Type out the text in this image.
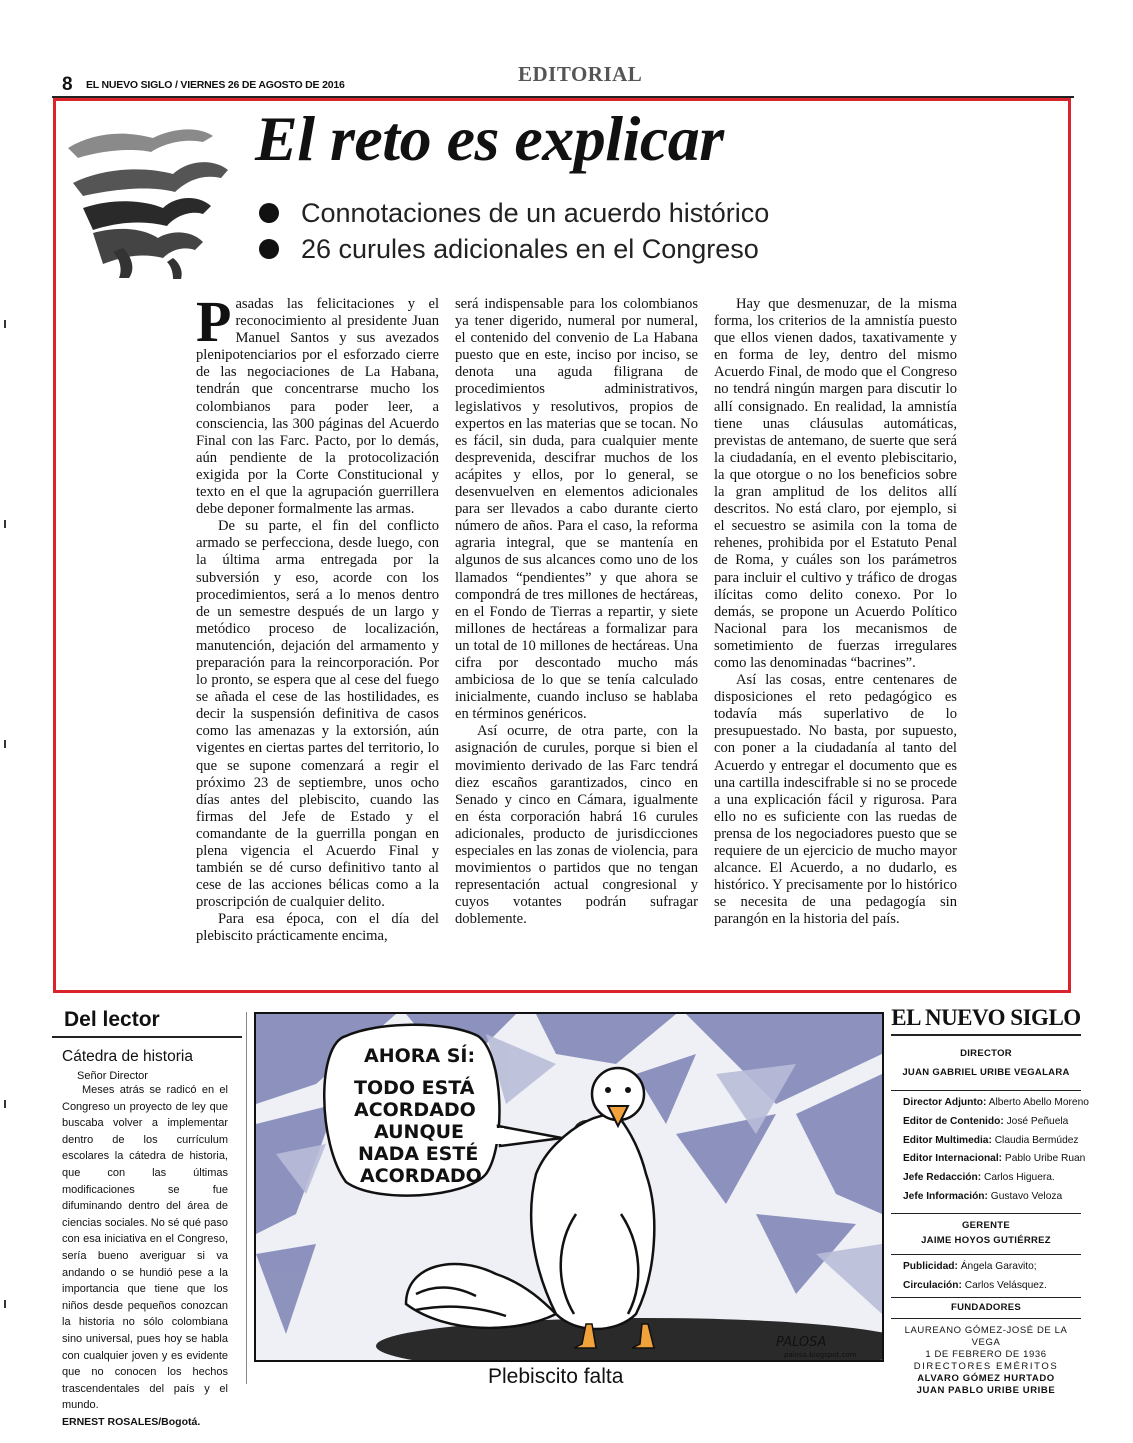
8 EL NUEVO SIGLO / VIERNES 26 DE AGOSTO DE 2016	EDITORIAL
El reto es explicar
Connotaciones de un acuerdo histórico
26 curules adicionales en el Congreso

Pasadas las felicitaciones y el reconocimiento al presidente Juan Manuel Santos y sus avezados plenipotenciarios por el esforzado cierre de las negociaciones de La Habana, tendrán que concentrarse mucho los colombianos para poder leer, a consciencia, las 300 páginas del Acuerdo Final con las Farc. Pacto, por lo demás, aún pendiente de la protocolización exigida por la Corte Constitucional y texto en el que la agrupación guerrillera debe deponer formalmente las armas.

De su parte, el fin del conflicto armado se perfecciona, desde luego, con la última arma entregada por la subversión y eso, acorde con los procedimientos, será a lo menos dentro de un semestre después de un largo y metódico proceso de localización, manutención, dejación del armamento y preparación para la reincorporación. Por lo pronto, se espera que al cese del fuego se añada el cese de las hostilidades, es decir la suspensión definitiva de casos como las amenazas y la extorsión, aún vigentes en ciertas partes del territorio, lo que se supone comenzará a regir el próximo 23 de septiembre, unos ocho días antes del plebiscito, cuando las firmas del Jefe de Estado y el comandante de la guerrilla pongan en plena vigencia el Acuerdo Final y también se dé curso definitivo tanto al cese de las acciones bélicas como a la proscripción de cualquier delito.

Para esa época, con el día del plebiscito prácticamente encima,

será indispensable para los colombianos ya tener digerido, numeral por numeral, el contenido del convenio de La Habana puesto que en este, inciso por inciso, se denota una aguda filigrana de procedimientos administrativos, legislativos y resolutivos, propios de expertos en las materias que se tocan. No es fácil, sin duda, para cualquier mente desprevenida, descifrar muchos de los acápites y ellos, por lo general, se desenvuelven en elementos adicionales para ser llevados a cabo durante cierto número de años. Para el caso, la reforma agraria integral, que se mantenía en algunos de sus alcances como uno de los llamados “pendientes” y que ahora se compondrá de tres millones de hectáreas, en el Fondo de Tierras a repartir, y siete millones de hectáreas a formalizar para un total de 10 millones de hectáreas. Una cifra por descontado mucho más ambiciosa de lo que se tenía calculado inicialmente, cuando incluso se hablaba en términos genéricos.

Así ocurre, de otra parte, con la asignación de curules, porque si bien el movimiento derivado de las Farc tendrá diez escaños garantizados, cinco en Senado y cinco en Cámara, igualmente en ésta corporación habrá 16 curules adicionales, producto de jurisdicciones especiales en las zonas de violencia, para movimientos o partidos que no tengan representación actual congresional y cuyos votantes podrán sufragar doblemente.

Hay que desmenuzar, de la misma forma, los criterios de la amnistía puesto que ellos vienen dados, taxativamente y en forma de ley, dentro del mismo Acuerdo Final, de modo que el Congreso no tendrá ningún margen para discutir lo allí consignado. En realidad, la amnistía tiene unas cláusulas automáticas, previstas de antemano, de suerte que será la ciudadanía, en el evento plebiscitario, la que otorgue o no los beneficios sobre la gran amplitud de los delitos allí descritos. No está claro, por ejemplo, si el secuestro se asimila con la toma de rehenes, prohibida por el Estatuto Penal de Roma, y cuáles son los parámetros para incluir el cultivo y tráfico de drogas ilícitas como delito conexo. Por lo demás, se propone un Acuerdo Político Nacional para los mecanismos de sometimiento de fuerzas irregulares como las denominadas “bacrines”.

Así las cosas, entre centenares de disposiciones el reto pedagógico es todavía más superlativo de lo presupuestado. No basta, por supuesto, con poner a la ciudadanía al tanto del Acuerdo y entregar el documento que es una cartilla indescifrable si no se procede a una explicación fácil y rigurosa. Para ello no es suficiente con las ruedas de prensa de los negociadores puesto que se requiere de un ejercicio de mucho mayor alcance. El Acuerdo, a no dudarlo, es histórico. Y precisamente por lo histórico se necesita de una pedagogía sin parangón en la historia del país.

Del lector
Cátedra de historia
Señor Director
Meses atrás se radicó en el Congreso un proyecto de ley que buscaba volver a implementar dentro de los currículum escolares la cátedra de historia, que con las últimas modificaciones se fue difuminando dentro del área de ciencias sociales. No sé qué paso con esa iniciativa en el Congreso, sería bueno averiguar si va andando o se hundió pese a la importancia que tiene que los niños desde pequeños conozcan la historia no sólo colombiana sino universal, pues hoy se habla con cualquier joven y es evidente que no conocen los hechos trascendentales del país y el mundo.
ERNEST ROSALES/Bogotá.
AHORA SÍ:
TODO ESTÁ
ACORDADO
AUNQUE
NADA ESTÉ
ACORDADO
PALOSA
palosa.blogspot.com
Plebiscito falta
EL NUEVO SIGLO
DIRECTOR
JUAN GABRIEL URIBE VEGALARA
Director Adjunto: Alberto Abello Moreno
Editor de Contenido: José Peñuela
Editor Multimedia: Claudia Bermúdez
Editor Internacional: Pablo Uribe Ruan
Jefe Redacción: Carlos Higuera.
Jefe Información: Gustavo Veloza
GERENTE
JAIME HOYOS GUTIÉRREZ
Publicidad: Ángela Garavito;
Circulación: Carlos Velásquez.
FUNDADORES
LAUREANO GÓMEZ-JOSÉ DE LA VEGA
1 DE FEBRERO DE 1936
DIRECTORES EMÉRITOS
ALVARO GÓMEZ HURTADO
JUAN PABLO URIBE URIBE
